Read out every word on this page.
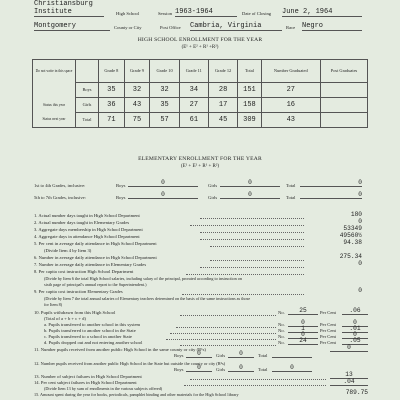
Christiansburg
Institute	High School	Session 1963-1964	Date of Closing June 2, 1964
Montgomery	County or City	Post Office Cambria, Virginia	Race Negro
HIGH SCHOOL ENROLLMENT FOR THE YEAR
(E¹ + E² + R¹ +R²)
Do not write in this space		Grade 8	Grade 9	Grade 10	Grade 11	Grade 12	Total	Number Graduated	Post Graduates
	Boys	35	32	32	34	28	151	27	
Status this year	Girls	36	43	35	27	17	158	16	
Status next year	Total	71	75	57	61	45	309	43	
ELEMENTARY ENROLLMENT FOR THE YEAR
(E¹ + E² + R¹ + R²)
1st to 4th Grades, inclusive:	Boys	0	Girls	0	Total	0
5th to 7th Grades, inclusive:	Boys	0	Girls	0	Total	0
1. Actual number days taught in High School Department	180
2. Actual number days taught in Elementary Grades	0
3. Aggregate days membership in High School Department	53349
4. Aggregate days in attendance High School Department	49560½
5. Per cent in average daily attendance in High School Department	94.38
(Divide Item 4 by Item 3)
6. Number in average daily attendance in High School Department	275.34
7. Number in average daily attendance in Elementary Grades	0
8. Per capita cost instruction High School Department
(Divide by Item 6 the total High School salaries, including salary of the principal, prorated according to instruction on
sixth page of principal's annual report to the Superintendent.)
9. Per capita cost instruction Elementary Grades	0
(Divide by Item 7 the total annual salaries of Elementary teachers determined on the basis of the same instructions as those
for Item 8)
10. Pupils withdrawn from this High School	No.	25	Per Cent	.06
(Total of a + b + c + d)
a. Pupils transferred to another school in this system	No.	0	Per Cent	0
b. Pupils transferred to another school in the State	No.	1	Per Cent	.01
c. Pupils transferred to a school in another State	No.	0	Per Cent	0
d. Pupils dropped out and not entering another school	No.	24	Per Cent	.05
11. Number pupils received from another public High School in the same county or city (R¹s)	0
Boys	0	Girls	0	Total
12. Number pupils received from another public High School in the State but outside the county or city (R²s)
Boys	0	Girls	0	Total	0
13. Number of subject failures in High School Department	13
14. Per cent subject failures in High School Department	.04
(Divide Item 13 by sum of enrollments in the various subjects offered)
15. Amount spent during the year for books, periodicals, pamphlet binding and other materials for the High School library	789.75
